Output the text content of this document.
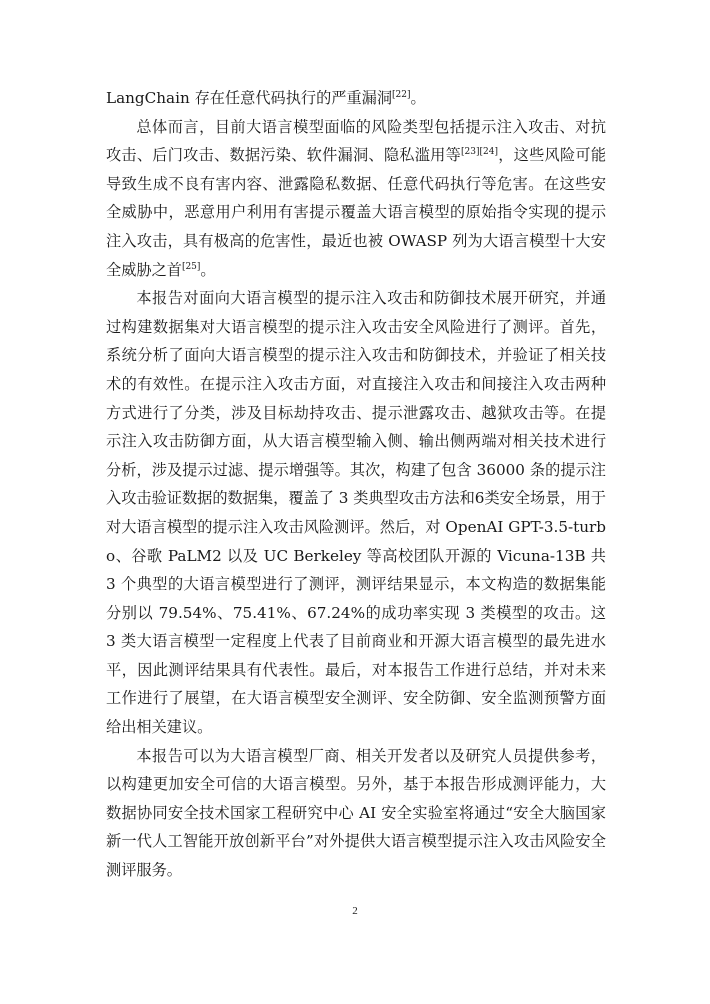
LangChain 存在任意代码执行的严重漏洞[22]。

总体而言，目前大语言模型面临的风险类型包括提示注入攻击、对抗攻击、后门攻击、数据污染、软件漏洞、隐私滥用等[23][24]，这些风险可能导致生成不良有害内容、泄露隐私数据、任意代码执行等危害。在这些安全威胁中，恶意用户利用有害提示覆盖大语言模型的原始指令实现的提示注入攻击，具有极高的危害性，最近也被 OWASP 列为大语言模型十大安全威胁之首[25]。

本报告对面向大语言模型的提示注入攻击和防御技术展开研究，并通过构建数据集对大语言模型的提示注入攻击安全风险进行了测评。首先，系统分析了面向大语言模型的提示注入攻击和防御技术，并验证了相关技术的有效性。在提示注入攻击方面，对直接注入攻击和间接注入攻击两种方式进行了分类，涉及目标劫持攻击、提示泄露攻击、越狱攻击等。在提示注入攻击防御方面，从大语言模型输入侧、输出侧两端对相关技术进行分析，涉及提示过滤、提示增强等。其次，构建了包含 36000 条的提示注入攻击验证数据的数据集，覆盖了 3 类典型攻击方法和6类安全场景，用于对大语言模型的提示注入攻击风险测评。然后，对 OpenAI GPT-3.5-turbo、谷歌 PaLM2 以及 UC Berkeley 等高校团队开源的 Vicuna-13B 共 3 个典型的大语言模型进行了测评，测评结果显示，本文构造的数据集能分别以 79.54%、75.41%、67.24%的成功率实现 3 类模型的攻击。这 3 类大语言模型一定程度上代表了目前商业和开源大语言模型的最先进水平，因此测评结果具有代表性。最后，对本报告工作进行总结，并对未来工作进行了展望，在大语言模型安全测评、安全防御、安全监测预警方面给出相关建议。

本报告可以为大语言模型厂商、相关开发者以及研究人员提供参考，以构建更加安全可信的大语言模型。另外，基于本报告形成测评能力，大数据协同安全技术国家工程研究中心 AI 安全实验室将通过“安全大脑国家新一代人工智能开放创新平台”对外提供大语言模型提示注入攻击风险安全测评服务。

2
